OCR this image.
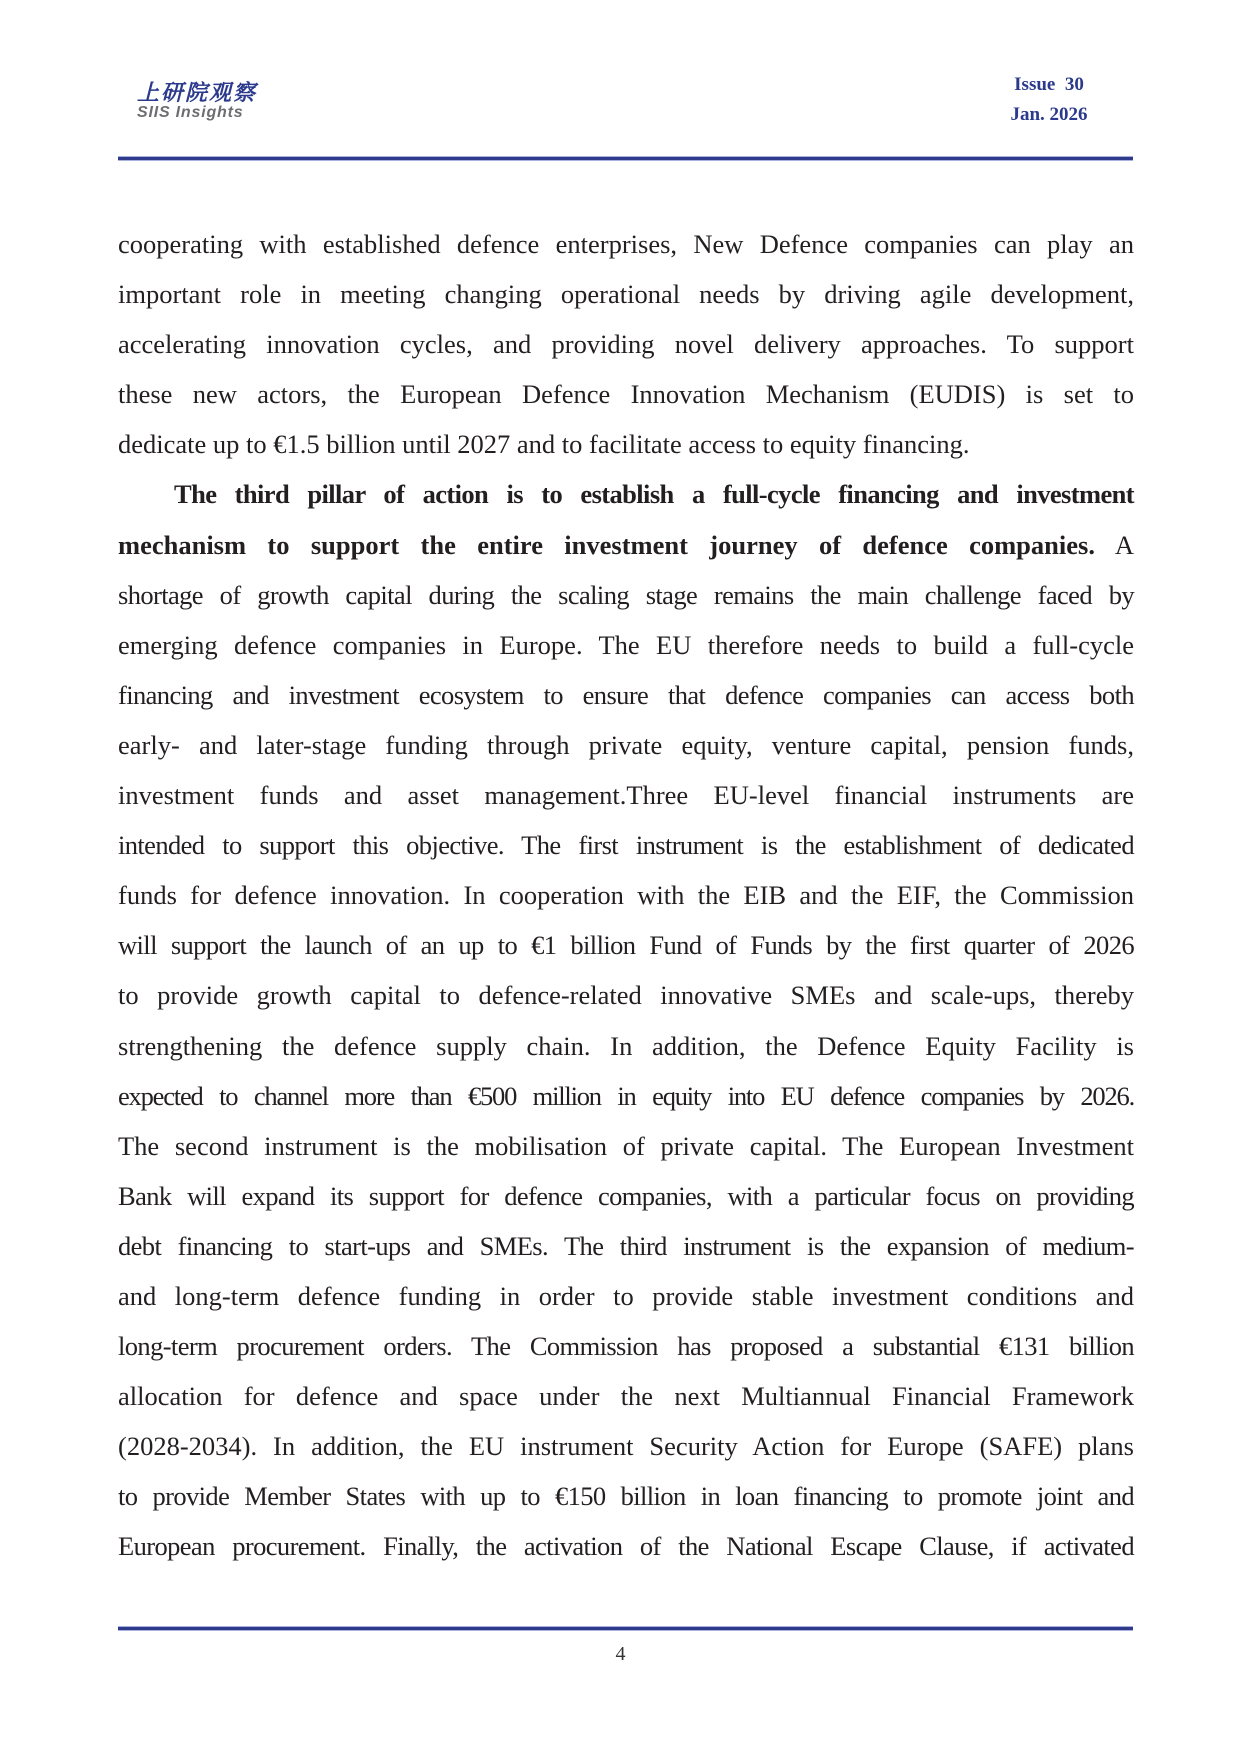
上研院观察
SIIS Insights
Issue  30
Jan. 2026
cooperating with established defence enterprises, New Defence companies can play an
important role in meeting changing operational needs by driving agile development,
accelerating innovation cycles, and providing novel delivery approaches. To support
these new actors, the European Defence Innovation Mechanism (EUDIS) is set to
dedicate up to €1.5 billion until 2027 and to facilitate access to equity financing.
The third pillar of action is to establish a full-cycle financing and investment
mechanism to support the entire investment journey of defence companies. A
shortage of growth capital during the scaling stage remains the main challenge faced by
emerging defence companies in Europe. The EU therefore needs to build a full-cycle
financing and investment ecosystem to ensure that defence companies can access both
early- and later-stage funding through private equity, venture capital, pension funds,
investment funds and asset management.Three EU-level financial instruments are
intended to support this objective. The first instrument is the establishment of dedicated
funds for defence innovation. In cooperation with the EIB and the EIF, the Commission
will support the launch of an up to €1 billion Fund of Funds by the first quarter of 2026
to provide growth capital to defence-related innovative SMEs and scale-ups, thereby
strengthening the defence supply chain. In addition, the Defence Equity Facility is
expected to channel more than €500 million in equity into EU defence companies by 2026.
The second instrument is the mobilisation of private capital. The European Investment
Bank will expand its support for defence companies, with a particular focus on providing
debt financing to start-ups and SMEs. The third instrument is the expansion of medium-
and long-term defence funding in order to provide stable investment conditions and
long-term procurement orders. The Commission has proposed a substantial €131 billion
allocation for defence and space under the next Multiannual Financial Framework
(2028-2034). In addition, the EU instrument Security Action for Europe (SAFE) plans
to provide Member States with up to €150 billion in loan financing to promote joint and
European procurement. Finally, the activation of the National Escape Clause, if activated
4
